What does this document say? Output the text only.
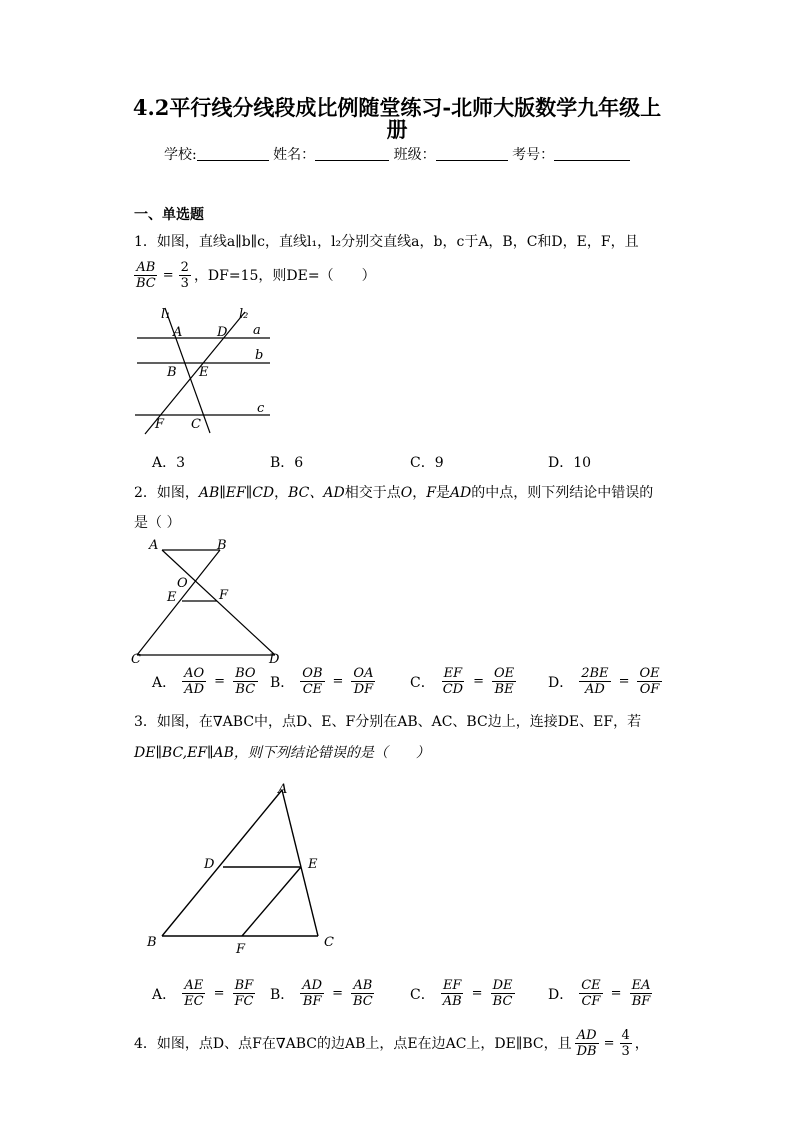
4.2平行线分线段成比例随堂练习-北师大版数学九年级上
册
学校:	姓名：	班级：	考号：
一、单选题
1．如图，直线a∥b∥c，直线l₁，l₂分别交直线a，b，c于A，B，C和D，E，F，且
$\frac{AB}{BC} = \frac{2}{3}$ ，DF=15，则DE=（　　）
l₁	l₂
a
b
c
A	D
B E
F C
A．3	B．6	C．9	D．10
2．如图，AB∥EF∥CD，BC、AD相交于点O，F是AD的中点，则下列结论中错误的
是（ ）
A	B
O
E	F
C	D
A． $\frac{AO}{AD} = \frac{BO}{BC}$ B． $\frac{OB}{CE} = \frac{OA}{DF}$ C． $\frac{EF}{CD} = \frac{OE}{BE}$ D． $\frac{2BE}{AD} = \frac{OE}{OF}$
3．如图，在∇ABC中，点D、E、F分别在AB、AC、BC边上，连接DE、EF，若
DE∥BC,EF∥AB，则下列结论错误的是（　　）
A
D	E
B	F	C
A． $\frac{AE}{EC} = \frac{BF}{FC}$ B． $\frac{AD}{BF} = \frac{AB}{BC}$	C． $\frac{EF}{AB} = \frac{DE}{BC}$ D． $\frac{CE}{CF} = \frac{EA}{BF}$
4．如图，点D、点F在∇ABC的边AB上，点E在边AC上，DE∥BC，且 $\frac{AD}{DB} = \frac{4}{3}$ ，
